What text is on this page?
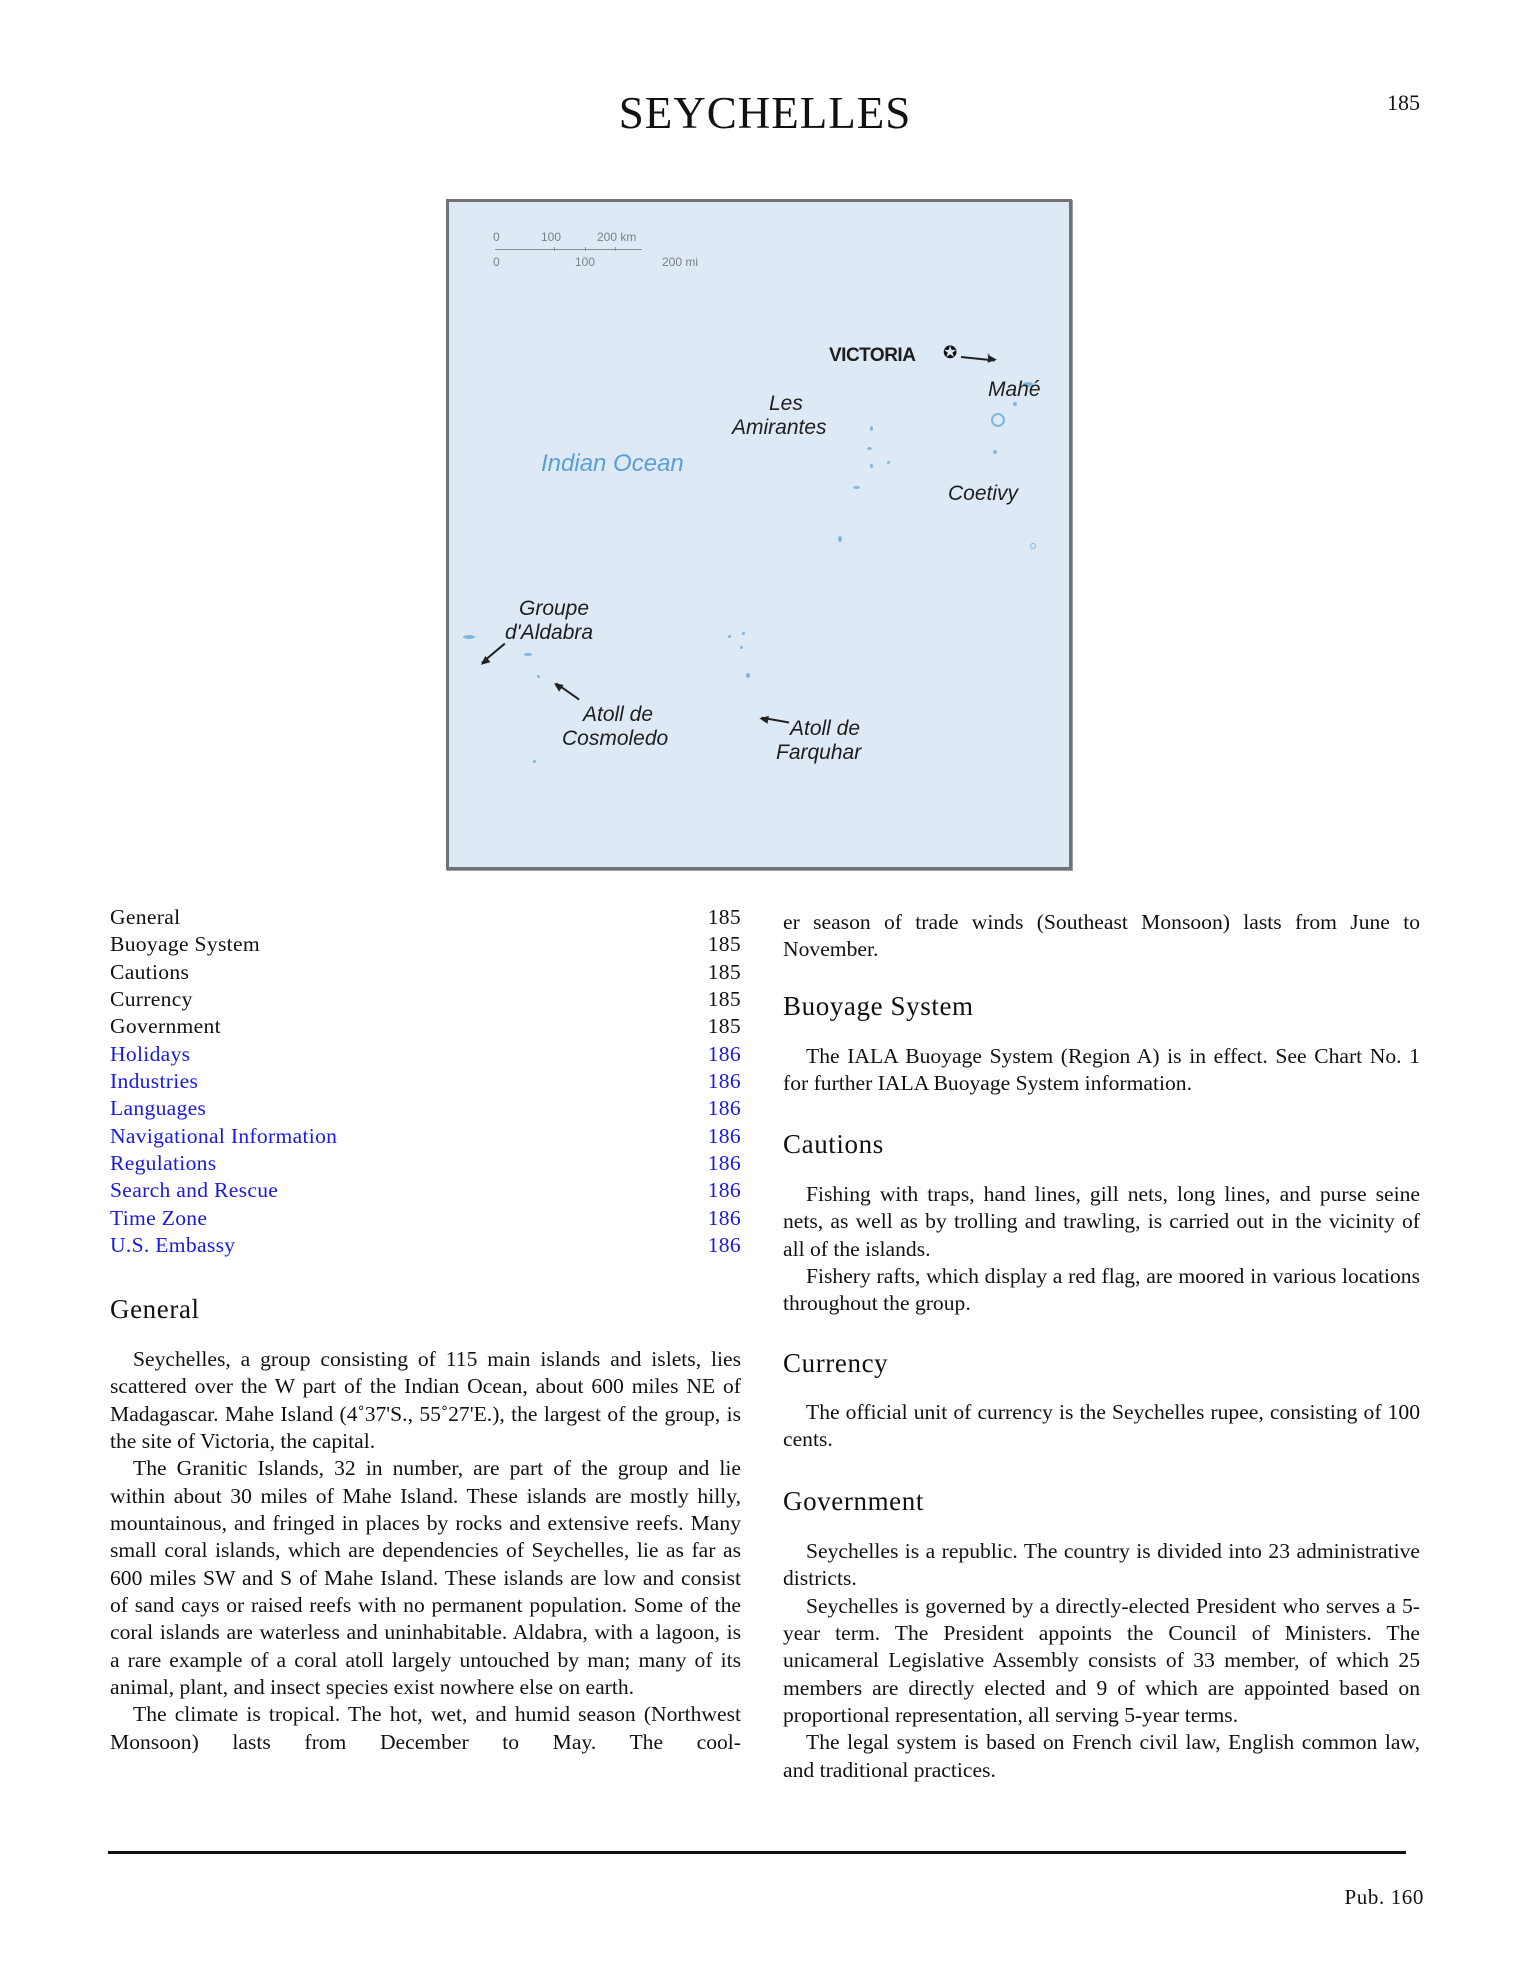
SEYCHELLES	185
0	100	200 km
0	100	200 mi
VICTORIA ✪
Mahé
Les
Amirantes
Indian Ocean
Coetivy
Groupe
d'Aldabra
Atoll de
Cosmoledo	Atoll de
Farquhar
General	185
Buoyage System	185
Cautions	185
Currency	185
Government	185
Holidays	186
Industries	186
Languages	186
Navigational Information	186
Regulations	186
Search and Rescue	186
Time Zone	186
U.S. Embassy	186
General

Seychelles, a group consisting of 115 main islands and islets, lies scattered over the W part of the Indian Ocean, about 600 miles NE of Madagascar. Mahe Island (4˚37'S., 55˚27'E.), the largest of the group, is the site of Victoria, the capital.

The Granitic Islands, 32 in number, are part of the group and lie within about 30 miles of Mahe Island. These islands are mostly hilly, mountainous, and fringed in places by rocks and extensive reefs. Many small coral islands, which are dependencies of Seychelles, lie as far as 600 miles SW and S of Mahe Island. These islands are low and consist of sand cays or raised reefs with no permanent population. Some of the coral islands are waterless and uninhabitable. Aldabra, with a lagoon, is a rare example of a coral atoll largely untouched by man; many of its animal, plant, and insect species exist nowhere else on earth.

The climate is tropical. The hot, wet, and humid season (Northwest Monsoon) lasts from December to May. The cool-

er season of trade winds (Southeast Monsoon) lasts from June to November.

Buoyage System

The IALA Buoyage System (Region A) is in effect. See Chart No. 1 for further IALA Buoyage System information.

Cautions

Fishing with traps, hand lines, gill nets, long lines, and purse seine nets, as well as by trolling and trawling, is carried out in the vicinity of all of the islands.

Fishery rafts, which display a red flag, are moored in various locations throughout the group.

Currency

The official unit of currency is the Seychelles rupee, consisting of 100 cents.

Government

Seychelles is a republic. The country is divided into 23 administrative districts.

Seychelles is governed by a directly-elected President who serves a 5-year term. The President appoints the Council of Ministers. The unicameral Legislative Assembly consists of 33 member, of which 25 members are directly elected and 9 of which are appointed based on proportional representation, all serving 5-year terms.

The legal system is based on French civil law, English common law, and traditional practices.

Pub. 160
